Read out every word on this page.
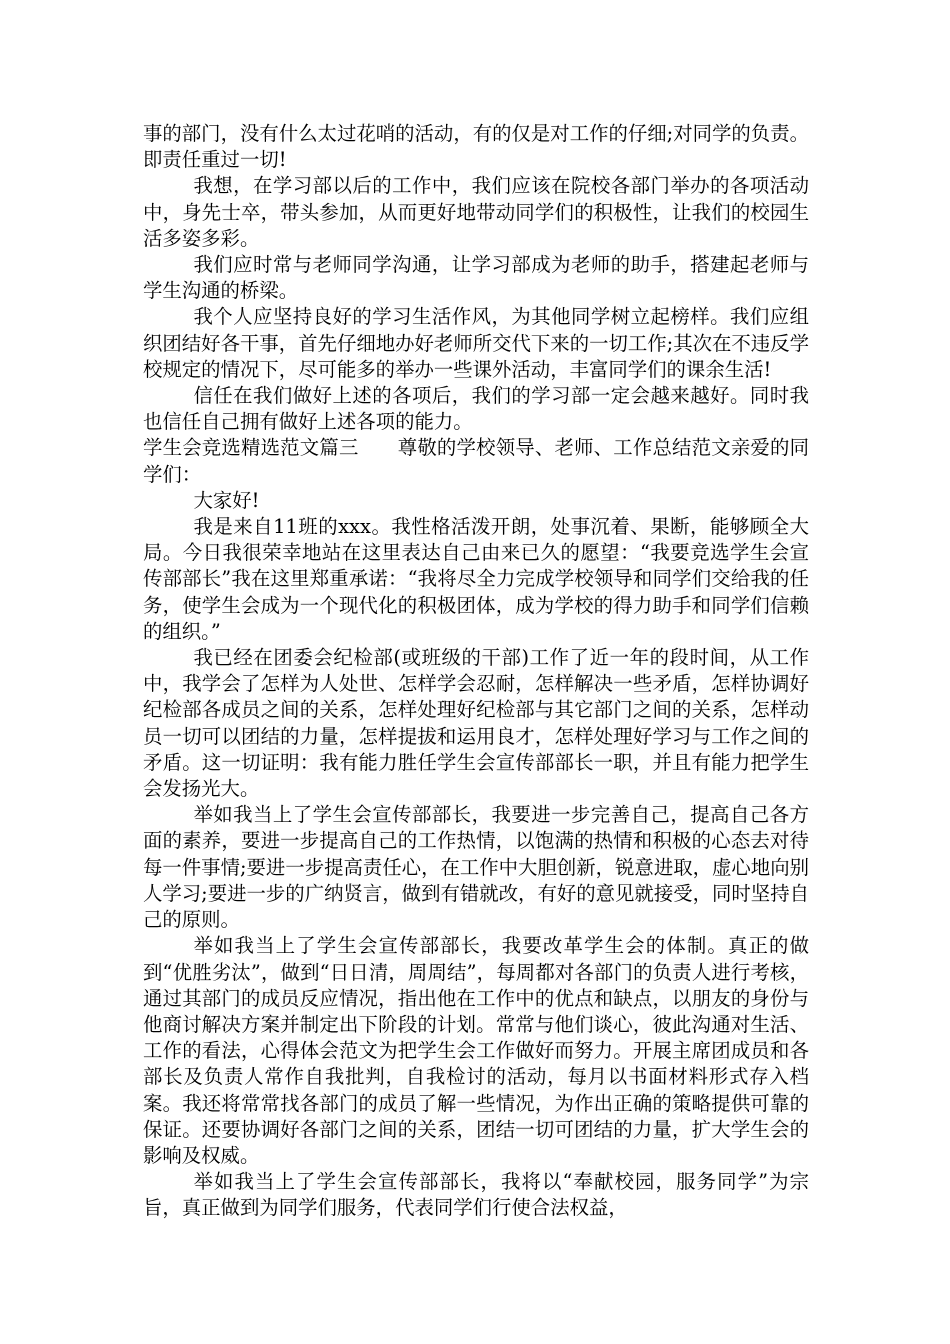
事的部门，没有什么太过花哨的活动，有的仅是对工作的仔细;对同学的负责。即责任重过一切!

我想，在学习部以后的工作中，我们应该在院校各部门举办的各项活动中，身先士卒，带头参加，从而更好地带动同学们的积极性，让我们的校园生活多姿多彩。

我们应时常与老师同学沟通，让学习部成为老师的助手，搭建起老师与学生沟通的桥梁。

我个人应坚持良好的学习生活作风，为其他同学树立起榜样。我们应组织团结好各干事，首先仔细地办好老师所交代下来的一切工作;其次在不违反学校规定的情况下，尽可能多的举办一些课外活动，丰富同学们的课余生活!

信任在我们做好上述的各项后，我们的学习部一定会越来越好。同时我也信任自己拥有做好上述各项的能力。

学生会竞选精选范文篇三　　尊敬的学校领导、老师、工作总结范文亲爱的同学们：

大家好!

我是来自11班的xxx。我性格活泼开朗，处事沉着、果断，能够顾全大局。今日我很荣幸地站在这里表达自己由来已久的愿望：“我要竞选学生会宣传部部长”我在这里郑重承诺：“我将尽全力完成学校领导和同学们交给我的任务，使学生会成为一个现代化的积极团体，成为学校的得力助手和同学们信赖的组织。”

我已经在团委会纪检部(或班级的干部)工作了近一年的段时间，从工作中，我学会了怎样为人处世、怎样学会忍耐，怎样解决一些矛盾，怎样协调好纪检部各成员之间的关系，怎样处理好纪检部与其它部门之间的关系，怎样动员一切可以团结的力量，怎样提拔和运用良才，怎样处理好学习与工作之间的矛盾。这一切证明：我有能力胜任学生会宣传部部长一职，并且有能力把学生会发扬光大。

举如我当上了学生会宣传部部长，我要进一步完善自己，提高自己各方面的素养，要进一步提高自己的工作热情，以饱满的热情和积极的心态去对待每一件事情;要进一步提高责任心，在工作中大胆创新，锐意进取，虚心地向别人学习;要进一步的广纳贤言，做到有错就改，有好的意见就接受，同时坚持自己的原则。

举如我当上了学生会宣传部部长，我要改革学生会的体制。真正的做到“优胜劣汰”，做到“日日清，周周结”，每周都对各部门的负责人进行考核，通过其部门的成员反应情况，指出他在工作中的优点和缺点，以朋友的身份与他商讨解决方案并制定出下阶段的计划。常常与他们谈心，彼此沟通对生活、工作的看法，心得体会范文为把学生会工作做好而努力。开展主席团成员和各部长及负责人常作自我批判，自我检讨的活动，每月以书面材料形式存入档案。我还将常常找各部门的成员了解一些情况，为作出正确的策略提供可靠的保证。还要协调好各部门之间的关系，团结一切可团结的力量，扩大学生会的影响及权威。

举如我当上了学生会宣传部部长，我将以“奉献校园，服务同学”为宗旨，真正做到为同学们服务，代表同学们行使合法权益，
